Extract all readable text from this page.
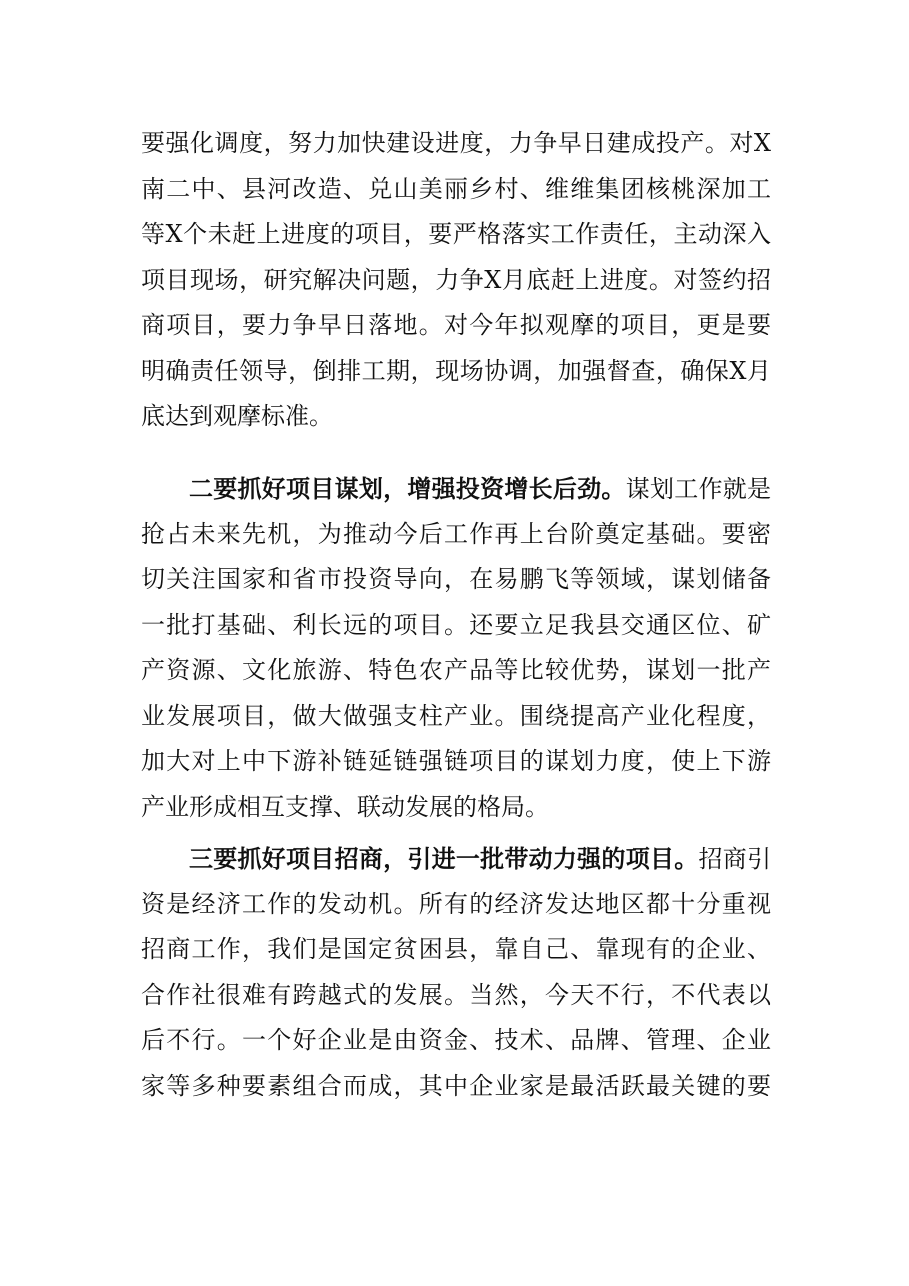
要强化调度，努力加快建设进度，力争早日建成投产。对X
南二中、县河改造、兑山美丽乡村、维维集团核桃深加工
等X个未赶上进度的项目，要严格落实工作责任，主动深入
项目现场，研究解决问题，力争X月底赶上进度。对签约招
商项目，要力争早日落地。对今年拟观摩的项目，更是要
明确责任领导，倒排工期，现场协调，加强督查，确保X月
底达到观摩标准。
二要抓好项目谋划，增强投资增长后劲。谋划工作就是
抢占未来先机，为推动今后工作再上台阶奠定基础。要密
切关注国家和省市投资导向，在易鹏飞等领域，谋划储备
一批打基础、利长远的项目。还要立足我县交通区位、矿
产资源、文化旅游、特色农产品等比较优势，谋划一批产
业发展项目，做大做强支柱产业。围绕提高产业化程度，
加大对上中下游补链延链强链项目的谋划力度，使上下游
产业形成相互支撑、联动发展的格局。
三要抓好项目招商，引进一批带动力强的项目。招商引
资是经济工作的发动机。所有的经济发达地区都十分重视
招商工作，我们是国定贫困县，靠自己、靠现有的企业、
合作社很难有跨越式的发展。当然，今天不行，不代表以
后不行。一个好企业是由资金、技术、品牌、管理、企业
家等多种要素组合而成，其中企业家是最活跃最关键的要
